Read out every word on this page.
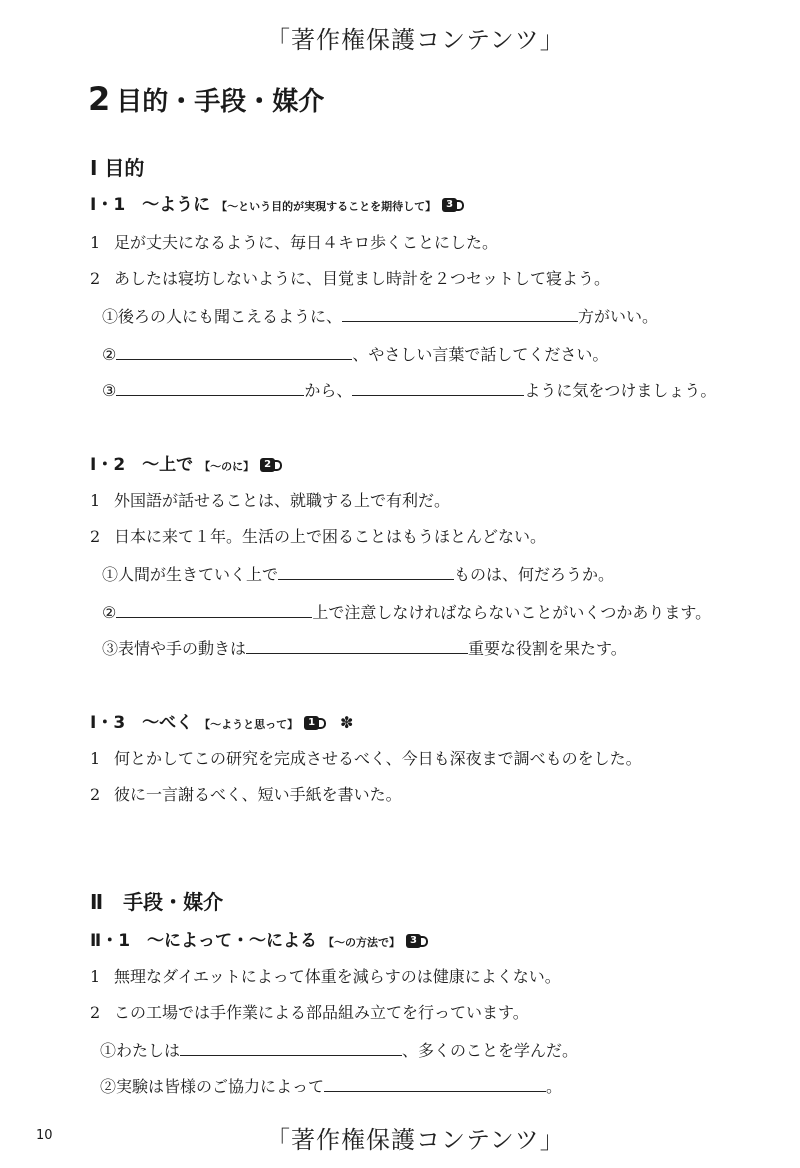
「著作権保護コンテンツ」
2 目的・手段・媒介
Ⅰ 目的
Ⅰ・1　〜ように 【〜という目的が実現することを期待して】 3
1 足が丈夫になるように、毎日４キロ歩くことにした。
2 あしたは寝坊しないように、目覚まし時計を２つセットして寝よう。
①後ろの人にも聞こえるように、	方がいい。
②	、やさしい言葉で話してください。
③	から、	ように気をつけましょう。
Ⅰ・2　〜上で 【〜のに】 2
1 外国語が話せることは、就職する上で有利だ。
2 日本に来て１年。生活の上で困ることはもうほとんどない。
①人間が生きていく上で	ものは、何だろうか。
②	上で注意しなければならないことがいくつかあります。
③表情や手の動きは	重要な役割を果たす。
Ⅰ・3　〜べく 【〜ようと思って】 1 ✽
1 何とかしてこの研究を完成させるべく、今日も深夜まで調べものをした。
2 彼に一言謝るべく、短い手紙を書いた。
Ⅱ　手段・媒介
Ⅱ・1　〜によって・〜による 【〜の方法で】 3
1 無理なダイエットによって体重を減らすのは健康によくない。
2 この工場では手作業による部品組み立てを行っています。
①わたしは	、多くのことを学んだ。
②実験は皆様のご協力によって	。
10	「著作権保護コンテンツ」
